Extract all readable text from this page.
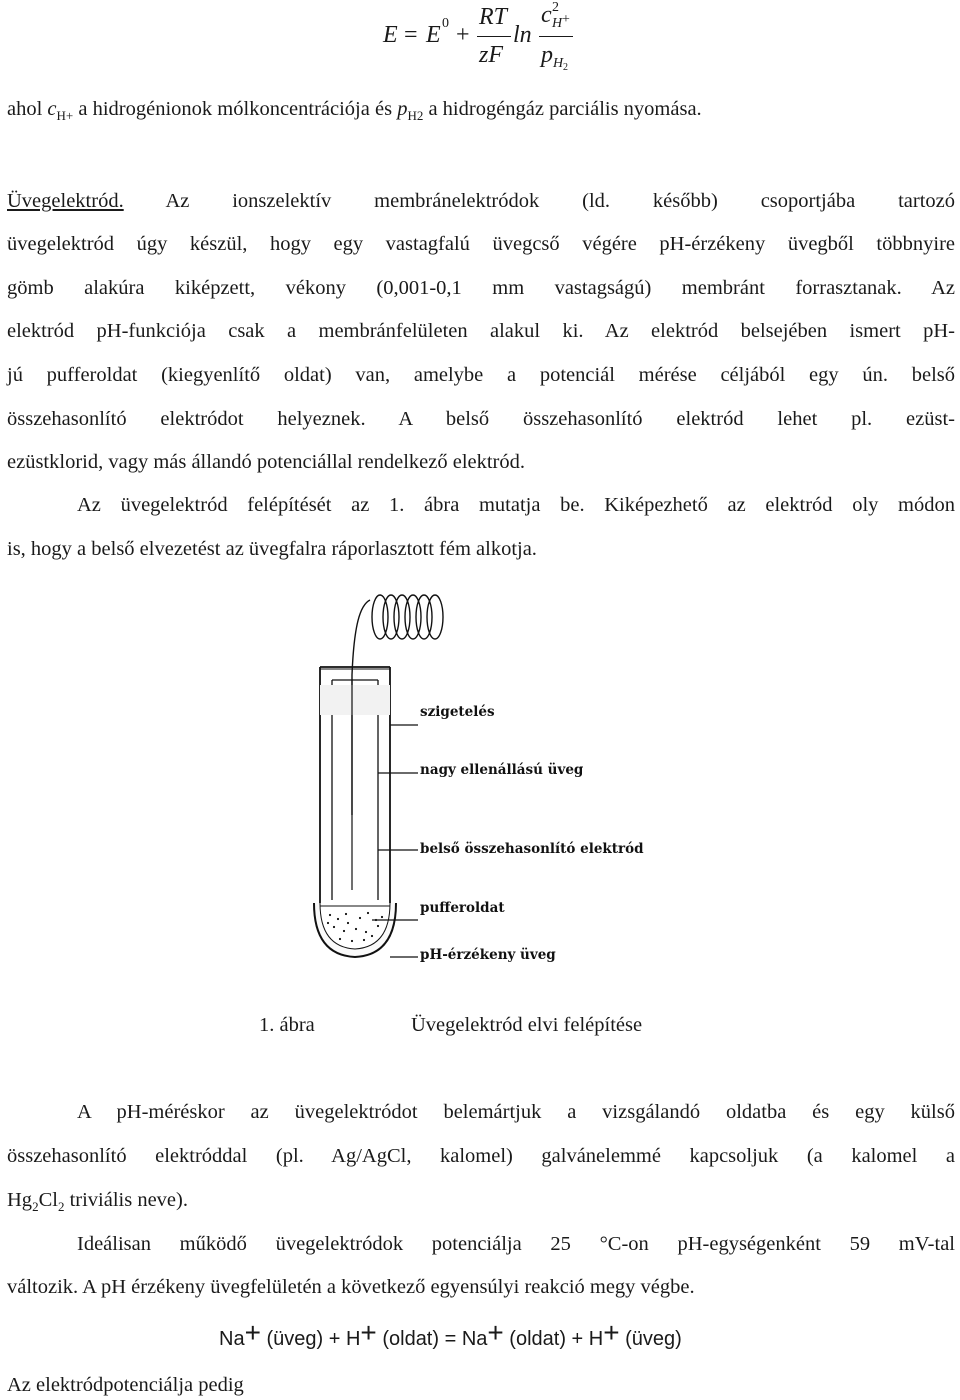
E = E 0 +
RT
zF
ln
c 2
H +
p H 2
ahol $c_{H+}$ a hidrogénionok mólkoncentrációja és $p_{H2}$ a hidrogéngáz parciális nyomása.
Üvegelektród. Az ionszelektív membránelektródok (ld. később) csoportjába tartozó
üvegelektród úgy készül, hogy egy vastagfalú üvegcső végére pH-érzékeny üvegből többnyire
gömb alakúra kiképzett, vékony (0,001-0,1 mm vastagságú) membránt forrasztanak. Az
elektród pH-funkciója csak a membránfelületen alakul ki. Az elektród belsejében ismert pH-
jú pufferoldat (kiegyenlítő oldat) van, amelybe a potenciál mérése céljából egy ún. belső
összehasonlító elektródot helyeznek. A belső összehasonlító elektród lehet pl. ezüst-
ezüstklorid, vagy más állandó potenciállal rendelkező elektród.
Az üvegelektród felépítését az 1. ábra mutatja be. Kiképezhető az elektród oly módon
is, hogy a belső elvezetést az üvegfalra ráporlasztott fém alkotja.
szigetelés
nagy ellenállású üveg
belső összehasonlító elektród
pufferoldat
pH-érzékeny üveg
1. ábra	Üvegelektród elvi felépítése
A pH-méréskor az üvegelektródot belemártjuk a vizsgálandó oldatba és egy külső
összehasonlító elektróddal (pl. Ag/AgCl, kalomel) galvánelemmé kapcsoljuk (a kalomel a
$Hg_2Cl_2$ triviális neve).
Ideálisan működő üvegelektródok potenciálja 25 °C-on pH-egységenként 59 mV-tal
változik. A pH érzékeny üvegfelületén a következő egyensúlyi reakció megy végbe.
Na+ (üveg) + H+ (oldat) = Na+ (oldat) + H+ (üveg)
Az elektródpotenciálja pedig
